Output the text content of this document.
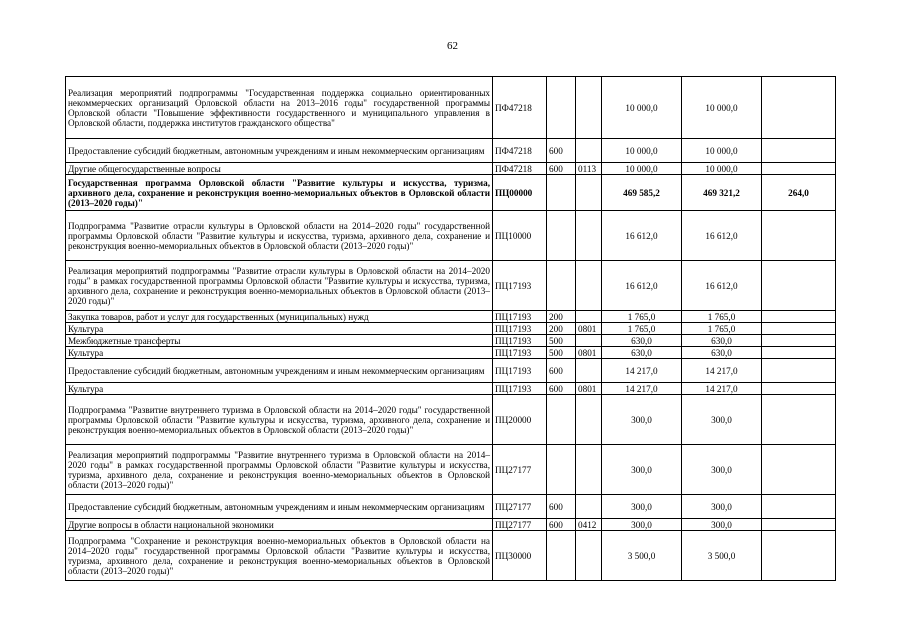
62
Реализация мероприятий подпрограммы "Государственная поддержка социально ориентированных некоммерческих организаций Орловской области на 2013–2016 годы" государственной программы Орловской области "Повышение эффективности государственного и муниципального управления в Орловской области, поддержка институтов гражданского общества"	ПФ47218			10 000,0	10 000,0	
Предоставление субсидий бюджетным, автономным учреждениям и иным некоммерческим организациям	ПФ47218	600		10 000,0	10 000,0	
Другие общегосударственные вопросы	ПФ47218	600	0113	10 000,0	10 000,0	
Государственная программа Орловской области "Развитие культуры и искусства, туризма, архивного дела, сохранение и реконструкция военно-мемориальных объектов в Орловской области (2013–2020 годы)"	ПЦ00000			469 585,2	469 321,2	264,0
Подпрограмма "Развитие отрасли культуры в Орловской области на 2014–2020 годы" государственной программы Орловской области "Развитие культуры и искусства, туризма, архивного дела, сохранение и реконструкция военно-мемориальных объектов в Орловской области (2013–2020 годы)"	ПЦ10000			16 612,0	16 612,0	
Реализация мероприятий подпрограммы "Развитие отрасли культуры в Орловской области на 2014–2020 годы" в рамках государственной программы Орловской области "Развитие культуры и искусства, туризма, архивного дела, сохранение и реконструкция военно-мемориальных объектов в Орловской области (2013–2020 годы)"	ПЦ17193			16 612,0	16 612,0	
Закупка товаров, работ и услуг для государственных (муниципальных) нужд	ПЦ17193	200		1 765,0	1 765,0	
Культура	ПЦ17193	200	0801	1 765,0	1 765,0	
Межбюджетные трансферты	ПЦ17193	500		630,0	630,0	
Культура	ПЦ17193	500	0801	630,0	630,0	
Предоставление субсидий бюджетным, автономным учреждениям и иным некоммерческим организациям	ПЦ17193	600		14 217,0	14 217,0	
Культура	ПЦ17193	600	0801	14 217,0	14 217,0	
Подпрограмма "Развитие внутреннего туризма в Орловской области на 2014–2020 годы" государственной программы Орловской области "Развитие культуры и искусства, туризма, архивного дела, сохранение и реконструкция военно-мемориальных объектов в Орловской области (2013–2020 годы)"	ПЦ20000			300,0	300,0	
Реализация мероприятий подпрограммы "Развитие внутреннего туризма в Орловской области на 2014–2020 годы" в рамках государственной программы Орловской области "Развитие культуры и искусства, туризма, архивного дела, сохранение и реконструкция военно-мемориальных объектов в Орловской области (2013–2020 годы)"	ПЦ27177			300,0	300,0	
Предоставление субсидий бюджетным, автономным учреждениям и иным некоммерческим организациям	ПЦ27177	600		300,0	300,0	
Другие вопросы в области национальной экономики	ПЦ27177	600	0412	300,0	300,0	
Подпрограмма "Сохранение и реконструкция военно-мемориальных объектов в Орловской области на 2014–2020 годы" государственной программы Орловской области "Развитие культуры и искусства, туризма, архивного дела, сохранение и реконструкция военно-мемориальных объектов в Орловской области (2013–2020 годы)"	ПЦ30000			3 500,0	3 500,0	
